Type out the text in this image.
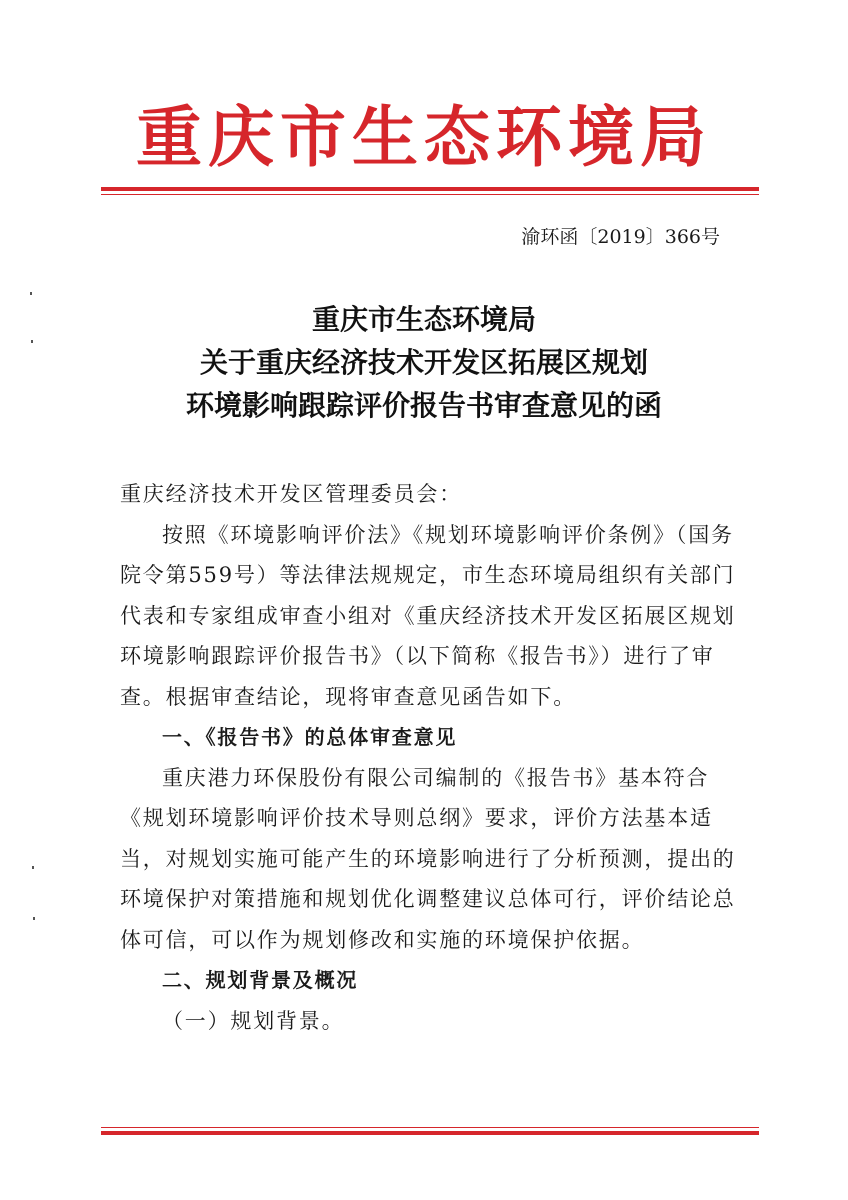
重庆市生态环境局
渝环函〔2019〕366号
重庆市生态环境局
关于重庆经济技术开发区拓展区规划
环境影响跟踪评价报告书审查意见的函

重庆经济技术开发区管理委员会：

按照《环境影响评价法》《规划环境影响评价条例》（国务院令第559号）等法律法规规定，市生态环境局组织有关部门代表和专家组成审查小组对《重庆经济技术开发区拓展区规划环境影响跟踪评价报告书》（以下简称《报告书》）进行了审查。根据审查结论，现将审查意见函告如下。

一、《报告书》的总体审查意见

重庆港力环保股份有限公司编制的《报告书》基本符合《规划环境影响评价技术导则总纲》要求，评价方法基本适当，对规划实施可能产生的环境影响进行了分析预测，提出的环境保护对策措施和规划优化调整建议总体可行，评价结论总体可信，可以作为规划修改和实施的环境保护依据。

二、规划背景及概况

（一）规划背景。
